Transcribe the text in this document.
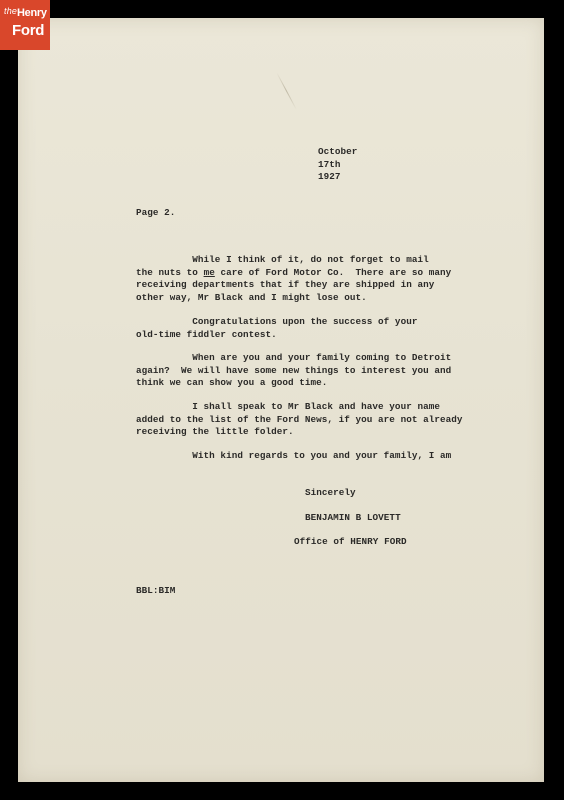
the Henry
Ford
October
17th
1927
Page 2.
While I think of it, do not forget to mail
the nuts to me care of Ford Motor Co.  There are so many
receiving departments that if they are shipped in any
other way, Mr Black and I might lose out.
Congratulations upon the success of your
old-time fiddler contest.
When are you and your family coming to Detroit
again?  We will have some new things to interest you and
think we can show you a good time.
I shall speak to Mr Black and have your name
added to the list of the Ford News, if you are not already
receiving the little folder.
With kind regards to you and your family, I am
Sincerely
BENJAMIN B LOVETT
Office of HENRY FORD
BBL:BIM
